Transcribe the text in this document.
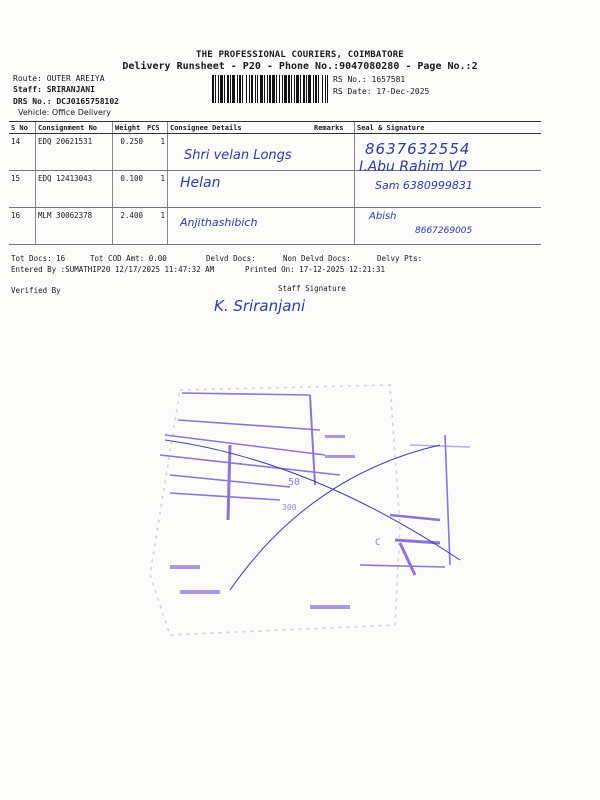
THE PROFESSIONAL COURIERS, COIMBATORE
Delivery Runsheet - P20 - Phone No.:9047080280 - Page No.:2
Route: OUTER AREIYA
Staff: SRIRANJANI
DRS No.: DCJ0165758102
Vehicle: Office Delivery
RS No.: 1657581
RS Date: 17-Dec-2025
S No	Consignment No	Weight	PCS	Consignee Details	Remarks	Seal & Signature
14	EDQ 20621531	0.250	1	Shri velan Longs		8637632554
I.Abu Rahim VP

15	EDQ 12413043	0.100	1	Helan		Sam 6380999831

16	MLM 30062378	2.400	1	Anjithashibich		Abish
8667269005
Tot Docs: 16	Tot COD Amt: 0.00	Delvd Docs:	Non Delvd Docs:	Delvy Pts:
Entered By :SUMATHIP20 12/17/2025 11:47:32 AM	Printed On: 17-12-2025 12:21:31
Verified By	Staff Signature
K. Sriranjani
50
300
C
